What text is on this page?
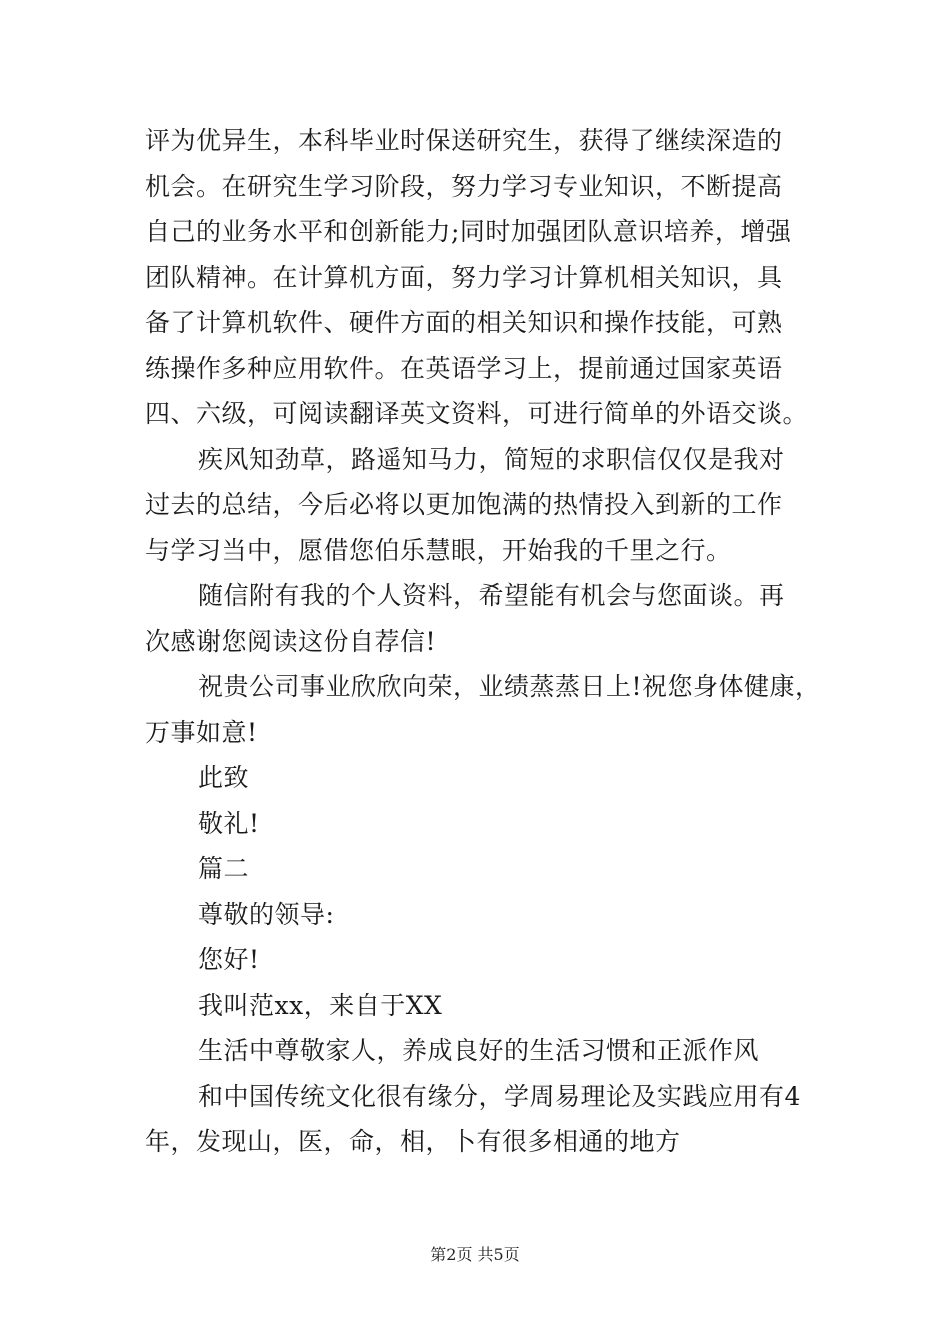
评为优异生，本科毕业时保送研究生，获得了继续深造的
机会。在研究生学习阶段，努力学习专业知识，不断提高
自己的业务水平和创新能力;同时加强团队意识培养，增强
团队精神。在计算机方面，努力学习计算机相关知识，具
备了计算机软件、硬件方面的相关知识和操作技能，可熟
练操作多种应用软件。在英语学习上，提前通过国家英语
四、六级，可阅读翻译英文资料，可进行简单的外语交谈。
疾风知劲草，路遥知马力，简短的求职信仅仅是我对
过去的总结，今后必将以更加饱满的热情投入到新的工作
与学习当中，愿借您伯乐慧眼，开始我的千里之行。
随信附有我的个人资料，希望能有机会与您面谈。再
次感谢您阅读这份自荐信!
祝贵公司事业欣欣向荣，业绩蒸蒸日上!祝您身体健康，
万事如意!
此致
敬礼!
篇二
尊敬的领导:
您好!
我叫范xx，来自于XX
生活中尊敬家人，养成良好的生活习惯和正派作风
和中国传统文化很有缘分，学周易理论及实践应用有4
年，发现山，医，命，相，卜有很多相通的地方
第2页 共5页
